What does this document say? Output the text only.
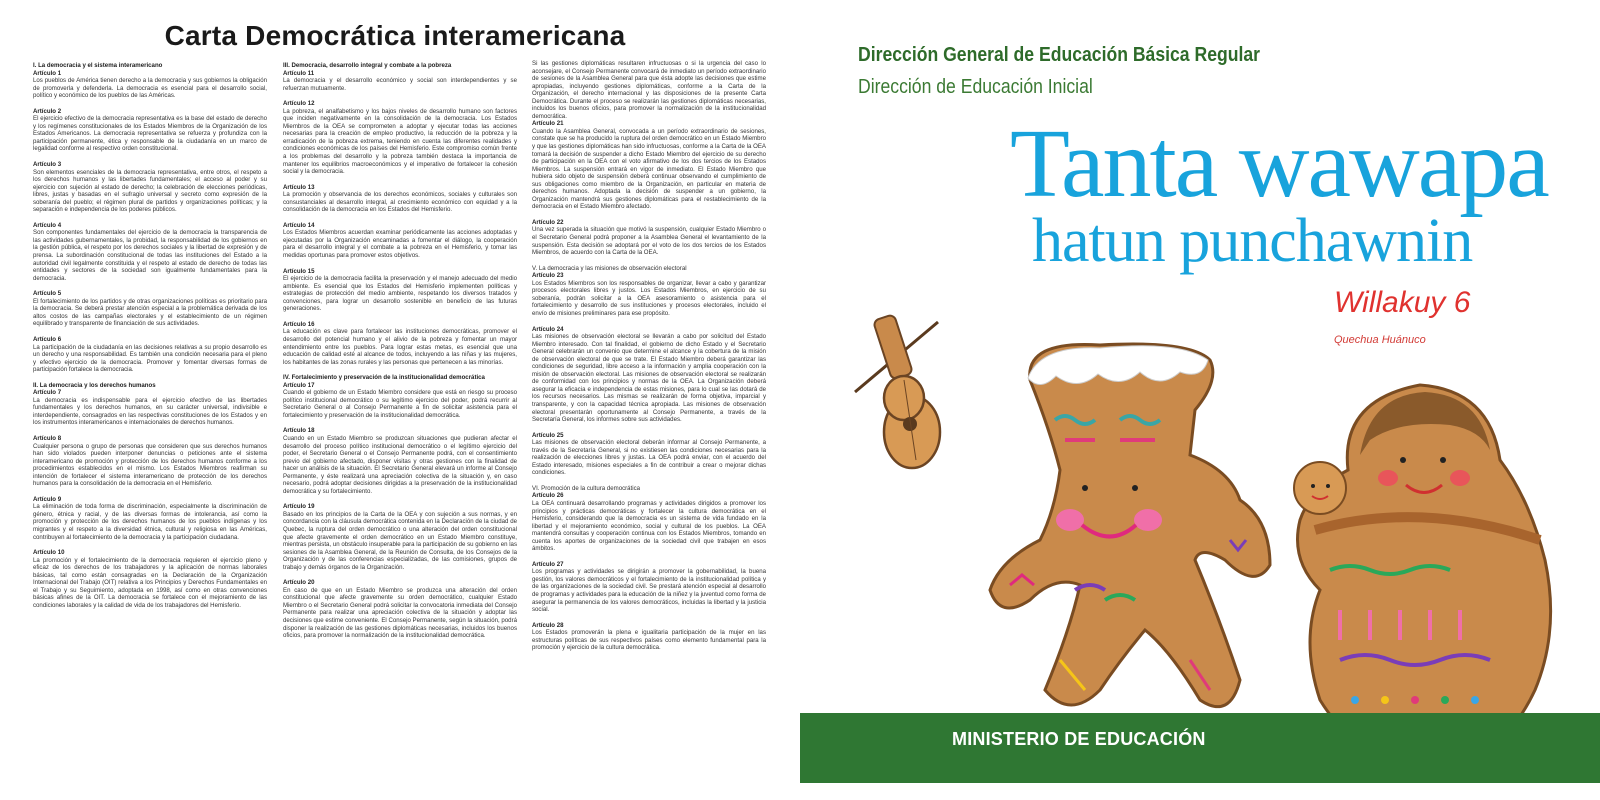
Carta Democrática interamericana

I. La democracia y el sistema interamericano

Artículo 1

Los pueblos de América tienen derecho a la democracia y sus gobiernos la obligación de promoverla y defenderla. La democracia es esencial para el desarrollo social, político y económico de los pueblos de las Américas.

Artículo 2

El ejercicio efectivo de la democracia representativa es la base del estado de derecho y los regímenes constitucionales de los Estados Miembros de la Organización de los Estados Americanos. La democracia representativa se refuerza y profundiza con la participación permanente, ética y responsable de la ciudadanía en un marco de legalidad conforme al respectivo orden constitucional.

Artículo 3

Son elementos esenciales de la democracia representativa, entre otros, el respeto a los derechos humanos y las libertades fundamentales; el acceso al poder y su ejercicio con sujeción al estado de derecho; la celebración de elecciones periódicas, libres, justas y basadas en el sufragio universal y secreto como expresión de la soberanía del pueblo; el régimen plural de partidos y organizaciones políticas; y la separación e independencia de los poderes públicos.

Artículo 4

Son componentes fundamentales del ejercicio de la democracia la transparencia de las actividades gubernamentales, la probidad, la responsabilidad de los gobiernos en la gestión pública, el respeto por los derechos sociales y la libertad de expresión y de prensa. La subordinación constitucional de todas las instituciones del Estado a la autoridad civil legalmente constituida y el respeto al estado de derecho de todas las entidades y sectores de la sociedad son igualmente fundamentales para la democracia.

Artículo 5

El fortalecimiento de los partidos y de otras organizaciones políticas es prioritario para la democracia. Se deberá prestar atención especial a la problemática derivada de los altos costos de las campañas electorales y el establecimiento de un régimen equilibrado y transparente de financiación de sus actividades.

Artículo 6

La participación de la ciudadanía en las decisiones relativas a su propio desarrollo es un derecho y una responsabilidad. Es también una condición necesaria para el pleno y efectivo ejercicio de la democracia. Promover y fomentar diversas formas de participación fortalece la democracia.

II. La democracia y los derechos humanos

Artículo 7

La democracia es indispensable para el ejercicio efectivo de las libertades fundamentales y los derechos humanos, en su carácter universal, indivisible e interdependiente, consagrados en las respectivas constituciones de los Estados y en los instrumentos interamericanos e internacionales de derechos humanos.

Artículo 8

Cualquier persona o grupo de personas que consideren que sus derechos humanos han sido violados pueden interponer denuncias o peticiones ante el sistema interamericano de promoción y protección de los derechos humanos conforme a los procedimientos establecidos en el mismo. Los Estados Miembros reafirman su intención de fortalecer el sistema interamericano de protección de los derechos humanos para la consolidación de la democracia en el Hemisferio.

Artículo 9

La eliminación de toda forma de discriminación, especialmente la discriminación de género, étnica y racial, y de las diversas formas de intolerancia, así como la promoción y protección de los derechos humanos de los pueblos indígenas y los migrantes y el respeto a la diversidad étnica, cultural y religiosa en las Américas, contribuyen al fortalecimiento de la democracia y la participación ciudadana.

Artículo 10

La promoción y el fortalecimiento de la democracia requieren el ejercicio pleno y eficaz de los derechos de los trabajadores y la aplicación de normas laborales básicas, tal como están consagradas en la Declaración de la Organización Internacional del Trabajo (OIT) relativa a los Principios y Derechos Fundamentales en el Trabajo y su Seguimiento, adoptada en 1998, así como en otras convenciones básicas afines de la OIT. La democracia se fortalece con el mejoramiento de las condiciones laborales y la calidad de vida de los trabajadores del Hemisferio.

III. Democracia, desarrollo integral y combate a la pobreza

Artículo 11

La democracia y el desarrollo económico y social son interdependientes y se refuerzan mutuamente.

Artículo 12

La pobreza, el analfabetismo y los bajos niveles de desarrollo humano son factores que inciden negativamente en la consolidación de la democracia. Los Estados Miembros de la OEA se comprometen a adoptar y ejecutar todas las acciones necesarias para la creación de empleo productivo, la reducción de la pobreza y la erradicación de la pobreza extrema, teniendo en cuenta las diferentes realidades y condiciones económicas de los países del Hemisferio. Este compromiso común frente a los problemas del desarrollo y la pobreza también destaca la importancia de mantener los equilibrios macroeconómicos y el imperativo de fortalecer la cohesión social y la democracia.

Artículo 13

La promoción y observancia de los derechos económicos, sociales y culturales son consustanciales al desarrollo integral, al crecimiento económico con equidad y a la consolidación de la democracia en los Estados del Hemisferio.

Artículo 14

Los Estados Miembros acuerdan examinar periódicamente las acciones adoptadas y ejecutadas por la Organización encaminadas a fomentar el diálogo, la cooperación para el desarrollo integral y el combate a la pobreza en el Hemisferio, y tomar las medidas oportunas para promover estos objetivos.

Artículo 15

El ejercicio de la democracia facilita la preservación y el manejo adecuado del medio ambiente. Es esencial que los Estados del Hemisferio implementen políticas y estrategias de protección del medio ambiente, respetando los diversos tratados y convenciones, para lograr un desarrollo sostenible en beneficio de las futuras generaciones.

Artículo 16

La educación es clave para fortalecer las instituciones democráticas, promover el desarrollo del potencial humano y el alivio de la pobreza y fomentar un mayor entendimiento entre los pueblos. Para lograr estas metas, es esencial que una educación de calidad esté al alcance de todos, incluyendo a las niñas y las mujeres, los habitantes de las zonas rurales y las personas que pertenecen a las minorías.

IV. Fortalecimiento y preservación de la institucionalidad democrática

Artículo 17

Cuando el gobierno de un Estado Miembro considere que está en riesgo su proceso político institucional democrático o su legítimo ejercicio del poder, podrá recurrir al Secretario General o al Consejo Permanente a fin de solicitar asistencia para el fortalecimiento y preservación de la institucionalidad democrática.

Artículo 18

Cuando en un Estado Miembro se produzcan situaciones que pudieran afectar el desarrollo del proceso político institucional democrático o el legítimo ejercicio del poder, el Secretario General o el Consejo Permanente podrá, con el consentimiento previo del gobierno afectado, disponer visitas y otras gestiones con la finalidad de hacer un análisis de la situación. El Secretario General elevará un informe al Consejo Permanente, y éste realizará una apreciación colectiva de la situación y, en caso necesario, podrá adoptar decisiones dirigidas a la preservación de la institucionalidad democrática y su fortalecimiento.

Artículo 19

Basado en los principios de la Carta de la OEA y con sujeción a sus normas, y en concordancia con la cláusula democrática contenida en la Declaración de la ciudad de Quebec, la ruptura del orden democrático o una alteración del orden constitucional que afecte gravemente el orden democrático en un Estado Miembro constituye, mientras persista, un obstáculo insuperable para la participación de su gobierno en las sesiones de la Asamblea General, de la Reunión de Consulta, de los Consejos de la Organización y de las conferencias especializadas, de las comisiones, grupos de trabajo y demás órganos de la Organización.

Artículo 20

En caso de que en un Estado Miembro se produzca una alteración del orden constitucional que afecte gravemente su orden democrático, cualquier Estado Miembro o el Secretario General podrá solicitar la convocatoria inmediata del Consejo Permanente para realizar una apreciación colectiva de la situación y adoptar las decisiones que estime conveniente. El Consejo Permanente, según la situación, podrá disponer la realización de las gestiones diplomáticas necesarias, incluidos los buenos oficios, para promover la normalización de la institucionalidad democrática.

Si las gestiones diplomáticas resultaren infructuosas o si la urgencia del caso lo aconsejare, el Consejo Permanente convocará de inmediato un período extraordinario de sesiones de la Asamblea General para que ésta adopte las decisiones que estime apropiadas, incluyendo gestiones diplomáticas, conforme a la Carta de la Organización, el derecho internacional y las disposiciones de la presente Carta Democrática. Durante el proceso se realizarán las gestiones diplomáticas necesarias, incluidos los buenos oficios, para promover la normalización de la institucionalidad democrática.

Artículo 21

Cuando la Asamblea General, convocada a un período extraordinario de sesiones, constate que se ha producido la ruptura del orden democrático en un Estado Miembro y que las gestiones diplomáticas han sido infructuosas, conforme a la Carta de la OEA tomará la decisión de suspender a dicho Estado Miembro del ejercicio de su derecho de participación en la OEA con el voto afirmativo de los dos tercios de los Estados Miembros. La suspensión entrará en vigor de inmediato. El Estado Miembro que hubiera sido objeto de suspensión deberá continuar observando el cumplimiento de sus obligaciones como miembro de la Organización, en particular en materia de derechos humanos. Adoptada la decisión de suspender a un gobierno, la Organización mantendrá sus gestiones diplomáticas para el restablecimiento de la democracia en el Estado Miembro afectado.

Artículo 22

Una vez superada la situación que motivó la suspensión, cualquier Estado Miembro o el Secretario General podrá proponer a la Asamblea General el levantamiento de la suspensión. Esta decisión se adoptará por el voto de los dos tercios de los Estados Miembros, de acuerdo con la Carta de la OEA.

V. La democracia y las misiones de observación electoral

Artículo 23

Los Estados Miembros son los responsables de organizar, llevar a cabo y garantizar procesos electorales libres y justos. Los Estados Miembros, en ejercicio de su soberanía, podrán solicitar a la OEA asesoramiento o asistencia para el fortalecimiento y desarrollo de sus instituciones y procesos electorales, incluido el envío de misiones preliminares para ese propósito.

Artículo 24

Las misiones de observación electoral se llevarán a cabo por solicitud del Estado Miembro interesado. Con tal finalidad, el gobierno de dicho Estado y el Secretario General celebrarán un convenio que determine el alcance y la cobertura de la misión de observación electoral de que se trate. El Estado Miembro deberá garantizar las condiciones de seguridad, libre acceso a la información y amplia cooperación con la misión de observación electoral. Las misiones de observación electoral se realizarán de conformidad con los principios y normas de la OEA. La Organización deberá asegurar la eficacia e independencia de estas misiones, para lo cual se las dotará de los recursos necesarios. Las mismas se realizarán de forma objetiva, imparcial y transparente, y con la capacidad técnica apropiada. Las misiones de observación electoral presentarán oportunamente al Consejo Permanente, a través de la Secretaría General, los informes sobre sus actividades.

Artículo 25

Las misiones de observación electoral deberán informar al Consejo Permanente, a través de la Secretaría General, si no existiesen las condiciones necesarias para la realización de elecciones libres y justas. La OEA podrá enviar, con el acuerdo del Estado interesado, misiones especiales a fin de contribuir a crear o mejorar dichas condiciones.

VI. Promoción de la cultura democrática

Artículo 26

La OEA continuará desarrollando programas y actividades dirigidos a promover los principios y prácticas democráticas y fortalecer la cultura democrática en el Hemisferio, considerando que la democracia es un sistema de vida fundado en la libertad y el mejoramiento económico, social y cultural de los pueblos. La OEA mantendrá consultas y cooperación continua con los Estados Miembros, tomando en cuenta los aportes de organizaciones de la sociedad civil que trabajen en esos ámbitos.

Artículo 27

Los programas y actividades se dirigirán a promover la gobernabilidad, la buena gestión, los valores democráticos y el fortalecimiento de la institucionalidad política y de las organizaciones de la sociedad civil. Se prestará atención especial al desarrollo de programas y actividades para la educación de la niñez y la juventud como forma de asegurar la permanencia de los valores democráticos, incluidas la libertad y la justicia social.

Artículo 28

Los Estados promoverán la plena e igualitaria participación de la mujer en las estructuras políticas de sus respectivos países como elemento fundamental para la promoción y ejercicio de la cultura democrática.

Dirección General de Educación Básica Regular
Dirección de Educación Inicial
Tanta wawapa
hatun punchawnin
Willakuy 6
Quechua Huánuco
MINISTERIO DE EDUCACIÓN
